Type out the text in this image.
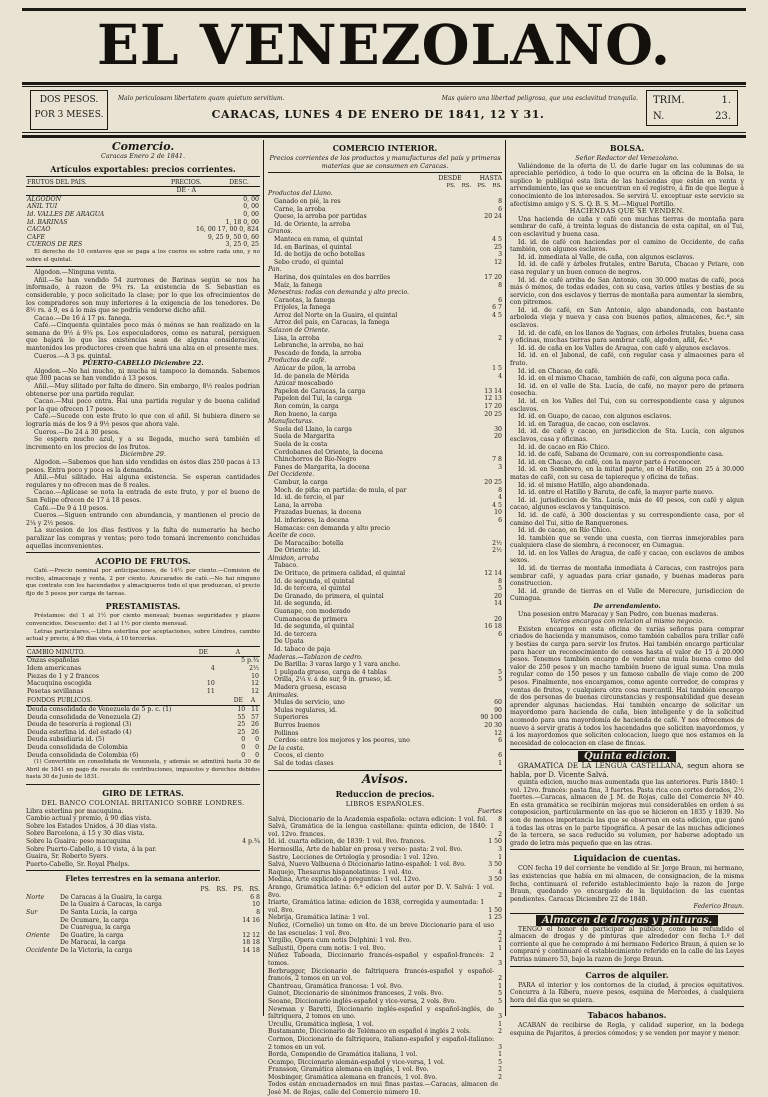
EL VENEZOLANO.
DOS PESOS.
POR 3 MESES.
Malo periculosam libertatem quam quietum servitium.	Mas quiero una libertad peligrosa, que una esclavitud tranquila.
CARACAS, LUNES 4 DE ENERO DE 1841, 12 Y 31.
TRIM.	1.
N.	23.
Comercio.
Caracas Enero 2 de 1841.
Artículos exportables: precios corrientes.
FRUTOS DEL PAIS.	PRECIOS.	DESC.
	DE · A	
ALGODON	0, 00	
AÑIL TUI	0, 00	
Id. VALLES DE ARAGUA	0, 00	
Id. BARINAS	1, 18 0, 00	
CACAO	16, 00 17, 00 0, 824	
CAFE	9, 25 9, 50 0, 60	
CUEROS DE RES	3, 25 0, 25	

El derecho de 10 centavos que se paga a los cueros es sobre cada uno, y no sobre el quintal.

Algodon.—Ninguna venta.

Añil.—Se han vendido 54 zurrones de Barinas según se nos ha informado, á razon de 9¾ rs. La existencia de S. Sebastian es considerable, y poco solicitado la clase; por lo que los ofrecimientos de los compradores son muy inferiores á la exigencia de los tenedores. De 8½ rs. á 9, es á lo más que se podría venderse dicho añil.

Cacao.—De 16 á 17 ps. fanega.

Café.—Cinquenta quintales poco más ó ménos se han realizado en la semana de 9½ á 9¼ ps. Los especuladores, como es natural, persiguen que bajará lo que las existencias sean de alguna consideración, mantenidos los productores creen que habrá una alza en el presente mes.

Cueros.—A 3 ps. quintal.

PUERTO-CABELLO Diciembre 22.

Algodon.—No hai mucho, ni mucha ni tampoco la demanda. Sabemos que 300 pacas se han vendido á 13 pesos.

Añil.—Muy silitado por falta de dinero. Sin embargo, 8½ reales podrian obtenerse por una partida regular.

Cacao.—Mui poco entra. Hai una partida regular y de buena calidad por la que ofrecen 17 pesos.

Café.—Sucede con este fruto lo que con el añil. Si hubiera dinero se lograría más de los 9 á 9½ pesos que ahora vale.

Cueros.—De 24 á 30 pesos.

Se espera mucho azul, y a su llegada, mucho será también el incremento en los precios de los frutos.

Diciembre 29.

Algodon.—Sabemos que han sido vendidas en éstos dias 250 pacas á 13 pesos. Entra poco y poca es la demanda.

Añil.—Mui silitado. Hai alguna existencia. Se esperan cantidades regulares y no ofrecen mas de 8 reales.

Cacao.—Aplicase se nota la entrada de este fruto, y por el bueno de San Felipe ofrecen de 17 á 18 pesos.

Café.—De 9 á 10 pesos.

Cueros.—Siguen entrando con abundancia, y mantienen el precio de 2¼ y 2½ pesos.

La sucesion de los dias festivos y la falta de numerario ha hecho paralizar las compras y ventas; pero todo tomará incremento concluidas aquellas inconvenientes.

ACOPIO DE FRUTOS.

Café.—Precio nominal por anticipaciones, de 14½ por ciento.—Comision de recibo, almacenaje y venta, 2 por ciento. Azucarados de café.—No hai ninguno que contrate con los hacendados y almacigueros todo el que produzcan, el precio fijo de 5 pesos por carga de tareas.

PRESTAMISTAS.

Préstamos: del 1 al 1½ por ciento mensual; buenas seguridades y plazos convencidos. Descuento: del 1 al 1½ por ciento mensual.

Letras particulares.—Libra esterlina por aceptaciones, sobre Lóndres, cambio actual y precio, á 90 dias vista, á 10 tercerías.

CAMBIO MINUTO.	DE	A
Onzas españolas		5 p.¾
Idem americanas	4	2½
Piezas de 1 y 2 francos		10
Macuquina escogida	10	12
Pesetas sevillanas	11	12
FONDOS PUBLICOS.	DE	A
Deuda consolidada de Venezuela de 5 p. c. (1)	10	11
Deuda consolidada de Venezuela (2)	55	57
Deuda de tesorería á regional (3)	25	26
Deuda esterlina id. del estado (4)	25	26
Deuda subsidiaria id. (5)	0	0
Deuda consolidada de Colombia	0	0
Deuda consolidada de Colombia (6)	0	0

(1) Convertible en consolidada de Venezuela, y además se admitirá hasta 30 de Abril de 1841 en pago de rescate de contribuciones, impuestos y derechos debidos hasta 30 de Junio de 1831.

GIRO DE LETRAS.
DEL BANCO COLONIAL BRITANICO SOBRE LONDRES.
Libra esterlina por macuquina.
Cambio actual y premio, á 90 días vista.
Sobre los Estados Unidos, á 30 dias vista.
Sobre Barcelona, á 15 y 30 dias vista.
Sobre la Guaira: peso macuquina	4 p.¾
Sobre Puerto-Cabello, á 10 vista, á la par.
Guaira, Sr. Roberto Syers.
Puerto-Cabello, Sr. Royal Phelps.
Fletes terrestres en la semana anterior.
PS. RS. PS. RS.
Norte	De Caracas á la Guaira, la carga	6 8
De la Guaira á Caracas, la carga	10
Sur	De Santa Lucía, la carga	8
De Ocumare, la carga	14 16
De Cuaregua, la carga
Oriente	De Guatire, la carga	12 12
De Maracai, la carga	18 18
Occidente De la Victoria, la carga	14 18
COMERCIO INTERIOR.
Precios corrientes de los productos y manufacturas del país y primeras materias que se consumen en Caracas.
DESDE	HASTA
PS. RS. PS. RS.
Productos del Llano.
Ganado en pié, la res	8
Carne, la arroba	6
Queso, la arroba por partidas	20 24
Id. de Oriente, la arroba
Granos.
Manteca en rama, el quintal	4 5
Id. en Barinas, el quintal	25
Id. de botija de ocho botellas	3
Sebo crudo, el quintal	12
Pan.
Harina, dos quintales en dos barriles	17 20
Maíz, la fanega	8
Menestras: todas con demanda y alto precio.
Caraotas, la fanega	6
Frijoles, la fanega	6 7
Arroz del Norte en la Guaira, el quintal	4 5
Arroz del país, en Caracas, la fanega
Salazon de Oriente.
Lisa, la arroba	2
Lebranche, la arroba, no hai
Pescado de fonda, la arroba
Productos de café.
Azúcar de pilon, la arroba	1 5
Id. de panela de Mérida	4
Azúcar moscabado
Papelon de Caracas, la carga	13 14
Papelon del Tui, la carga	12 13
Ron común, la carga	17 20
Ron bueno, la carga	20 25
Manufacturas.
Suela del Llano, la carga	30
Suela de Margarita	20
Suela de la costa
Cordobanes del Oriente, la docena
Chinchorros de Río-Negro	7 8
Fanes de Margarita, la docena	3
Del Occidente.
Cambur, la carga	20 25
Moch. de piña: en partida: de mula, el par	8
Id. id. de tercio, el par	4
Lana, la arroba	4 5
Frazadas buenas, la docena	10
Id. inferiores, la docena	6
Hamacas: con demanda y alto precio
Aceite de coco.
De Maracaibo: botella	2½
De Oriente: id.	2½
Almidon, arroba
Tabaco.
De Orituco, de primera calidad, el quintal	12 14
Id. de segunda, el quintal	8
Id. de tercera, el quintal	5
De Granado, de primera, el quintal	20
Id. de segunda, id.	14
Guanape, con moderado
Cumanacoa de primera	20
Id. de segunda, el quintal	16 18
Id. de tercera	6
De Upata
Id. tabaco de paja
Maderas.—Tablazon de cedro.
De Barilla: 3 varas largo y 1 vara ancho.
1 pulgada grueso, carga de 4 tablas	5
Orilla, 2¼ v. á de sur, 9 in. grueso, id.	5
Madera gruesa, escasa
Animales.
Mulas de servicio, uno	60
Mulas regulares, id.	90
Superiores	90 100
Burros buenos	20 30
Pollinos	12
Cerdos: entre los mejores y los peores, uno	6
De la costa.
Cocos, el ciento	6
Sal de todas clases	1
Avisos.
Reduccion de precios.
LIBROS ESPAÑOLES.
Fuertes
Salvá, Diccionario de la Academia española: octava edicion: 1 vol. fol.	8
Salvá, Gramática de la lengua castellana: quinta edicion, de 1840: 1 vol. 12vo. frances.	2
Id. id. cuarta edicion, de 1839: 1 vol. 8vo. frances.	1 50
Hermosilla, Arte de hablar en prosa y verso: pasta: 2 vol. 8vo.	3
Sastre, Lecciones de Ortología y prosodia: 1 vol. 12vo.	1
Salvá, Nuevo Valbuena ó Diccionario latino-español: 1 vol. 8vo.	3 50
Raquejo, Thesaurus hispanolatinus: 1 vol. 4to.	4
Medina, Arte explicado á preguntas: 1 vol. 12vo.	3 50
Arango, Gramática latina: 6.ª edicion del autor por D. V. Salvá: 1 vol. 8vo.	2
Iriarte, Gramática latina: edicion de 1838, corregida y aumentada: 1 vol. 8vo.	1 50
Nebrija, Gramática latina: 1 vol.	1 25
Nuñez, (Cornelio) un tomo en 4to. de un breve Diccionario para el uso de las escuelas: 1 vol. 8vo.	2
Virgilio, Opera cum notis Delphini: 1 vol. 8vo.	2
Sallustii, Opera cum notis: 1 vol. 8vo.	1
Núñez Taboada, Diccionario francés-español y español-francés: 2 tomos.	3
Berbrugger, Diccionario de faltriquera francés-español y español-francés, 2 tomos en un vol.	2
Chantreau, Gramática francesa: 1 vol. 8vo.	1
Guinot, Diccionario de sinónimos franceses, 2 vols. 8vo.	5
Seoane, Diccionario inglés-español y vice-versa, 2 vols. 8vo.	5
Newman y Baretti, Diccionario inglés-español y español-inglés, de faltriquera, 2 tomos en uno.	3
Urcullu, Gramática inglesa, 1 vol.	1
Bustamante, Diccionario de Telémaco en español é inglés 2 vols.	2
Cormon, Diccionario de faltriquera, italiano-español y español-italiano: 2 tomos en un vol.	3
Borda, Compendio de Gramática italiana, 1 vol.	1
Ocampo, Diccionario alemán-español y vice-versa, 1 vol.	5
Fransson, Gramática alemana en inglés, 1 vol. 8vo.	2
Mosbinger, Gramática alemana en francés, 1 vol. 8vo.	2
Todos están encuadernados en mui finas pastas.—Caracas, almacen de José M. de Rojas, calle del Comercio número 10.
BOLSA.
Señor Redactor del Venezolano.

Valiéndome de la oferta de U. de darle lugar en las columnas de su apreciable periódico, á todo lo que ocurra en la oficina de la Bolsa, le suplico le publiqué esta lista de las haciendas que están en venta y arrendamiento, las que se encuentran en el registro, á fin de que llegue á conocimiento de los interesados. Se servirá U. exceptuar este servicio su afectísimo amigo y S. S. Q. B. S. M.—Miguel Portillo.

HACIENDAS QUE SE VENDEN.

Una hacienda de caña y café con muchas tierras de montaña para sembrar de café, á treinta leguas de distancia de esta capital, en el Tui, con esclavitud y buena casa.

Id. id. de café con haciendas por el camino de Occidente, de caña también, con algunos esclavos.

Id. id. inmediata al Valle, de caña, con algunos esclavos.

Id. id. de café y árboles frutales, entre Baruta, Chacao y Petare, con casa regular y un buen conuco de negros.

Id. id. de café arriba de San Antonio, con 30.000 matas de café, poca más ó ménos, de todas edades, con su casa, varios útiles y bestias de su servicio, con dos esclavos y tierras de montaña para aumentar la siembra, con pitremos.

Id. id. de café, en San Antonio, algo abandonada, con bastante arboleda vieja y nueva y casa con buenos patios, almacenes, &c.ª, sin esclavos.

Id. id. de café, en los llanos de Yaguas, con árboles frutales, buena casa y oficinas, muchas tierras para sembrar café, algodon, añil, &c.ª

Id. id. de caña en los Valles de Aragua, con café y algunos esclavos.

Id. id. en el Jabonal, de café, con regular casa y almacenes para el fruto.

Id. id. en Chacao, de café.

Id. id. en el mismo Chacao, también de café, con alguna poca caña.

Id. id. en el valle de Sta. Lucía, de café, no mayor pero de primera cosecha.

Id. id. en los Valles del Tui, con su correspondiente casa y algunos esclavos.

Id. id. en Guapo, de cacao, con algunos esclavos.

Id. id. en Taragua, de cacao, con esclavos.

Id. id. de café y cacao, en jurisdiccion de Sta. Lucía, con algunos esclavos, casa y oficinas.

Id. id. de cacao en Río Chico.

Id. id. de café, Sabana de Ocumare, con su correspondiente casa.

Id. id. en Chacao, de café, con la mayor parte á reconocer.

Id. id. en Sombrero, en la mitad parte, en el Hatillo, con 25 á 30.000 matas de café, con su casa de tapiereque y oficina de teñas.

Id. id. el mismo Hatillo, algo abandonada.

Id. id. entre el Hatillo y Baruta, de café, la mayor parte nuevo.

Id. id. jurisdiccion de Sta. Lucía, más de 40 pesos, con café y algun cacao, algunos esclavos y tanquinisco.

Id. id. de café, á 300 doscientas y su correspondiente casa, por el camino del Tui, sitio de Ranquerones.

Id. id. de cacao, en Río Chico.

Id. también que se vende una cuesta, con tierras inmejorables para cualquiera clase de siembra, á reconocer, en Cumagua.

Id. id. en los Valles de Aragua, de café y cacao, con esclavos de ambos sexos.

Id. id. de tierras de montaña inmediata á Caracas, con rastrojos para sembrar café, y aguadas para criar ganado, y buenas maderas para construccion.

Id. id. grande de tierras en el Valle de Merecure, jurisdiccion de Cumagua.

De arrendamiento.

Una posesion entre Maracay y San Pedro, con buenas maderas.

Varios encargos con relacion al mismo negocio.

Existen encargos en esta oficina de varias señoras para comprar criados de hacienda y manumisos, como también caballos para trillar café y bestias de carga para servir los frutos. Hai también encargo particular para hacer un reconocimiento de censos hasta el valor de 15 á 20.000 pesos. Tenemos también encargo de vender una mula buena como del valor de 250 pesos y un macho también bueno de igual suma. Una mula regular como de 150 pesos y un famoso caballo de viaje como de 200 pesos. Finalmente, nos encargamos, como agente corredor, de compras y ventas de frutos, y cualquiera otra cosa mercantil. Hai también encargo de dos personas de buenas circunstancias y responsabilidad que desean aprender algunas haciendas. Hai también encargo de solicitar un mayordomo para hacienda de caña, bien inteligente y de la solicitud acomodo para una mayordomía de hacienda de café. Y nos ofrecemos de nuevo á servir gratis á todos los hacendados que soliciten mayordomos, y á los mayordomos que soliciten colocacion, luego que nos estamos en la necesidad de colocacion en clase de fincas.

Quinta edicion.

GRAMATICA DE LA LENGUA CASTELLANA, segun ahora se habla, por D. Vicente Salvá.

quinta edicion, mucho mas aumentada que las anteriores. París 1840: 1 vol. 12vo. francés: pasta fina, 3 fuertes. Pasta rica con cortes dorados, 2½ fuertes.—Caracas, almacen de J. M. de Rojas, calle del Comercio Nº 40. En esta gramática se recibirán mejoras mui considerables en orden á su composicion, particularmente en las que se hicieron en 1835 y 1839. No son de menos importancia las que se observan en esta edicion, que ganó á todas las otras en lo parte tipográfica. A pesar de las muchas adiciones de la tercera, se saca reducido su volumen, por haberse adoptado un grado de letra más pequeño que en las otras.

Liquidacion de cuentas.

CON fecha 19 del corriente he vendido al Sr. Jorge Braun, mi hermano, las existencias que había en mi almacen, de consignacion, de la misma fecha, continuará el referido establecimiento bajo la razon de Jorge Braun, quedando yo encargado de la liquidacion de las cuentas pendientes. Caracas Diciembre 22 de 1840.

Federico Braun.
Almacen de drogas y pinturas.

TENGO el honor de participar al público, como he refundido el almacen de drogas y de pinturas que alrededor con fecha 1.º del corriente al que he comprado á mi hermano Federico Braun, á quien se lo compraré y continuaré el establecimiento referido en la calle de las Leyes Patrias número 53, bajo la razon de Jorge Braun.

Carros de alquiler.

PARA el interior y los contornos de la ciudad, á precios equitativos. Concurra á la Ribera, nueve pesos, esquina de Mercedes, á cualquiera hora del dia que se quiera.

Tabacos habanos.

ACABAN de recibirse de Regla, y calidad superior, en la bodega esquina de Pajaritos, á precios cómodos; y se venden por mayor y menor.
